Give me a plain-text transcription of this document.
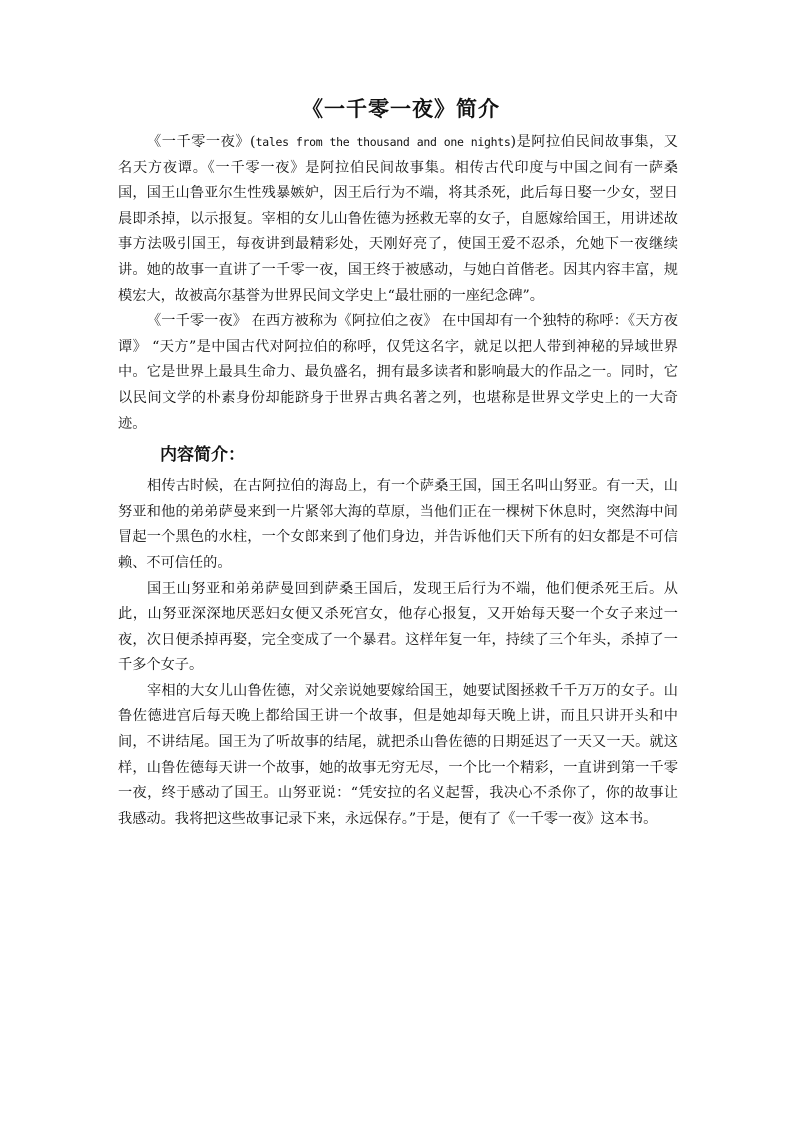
《一千零一夜》简介

《一千零一夜》(tales from the thousand and one nights)是阿拉伯民间故事集，又名天方夜谭。《一千零一夜》是阿拉伯民间故事集。相传古代印度与中国之间有一萨桑国，国王山鲁亚尔生性残暴嫉妒，因王后行为不端，将其杀死，此后每日娶一少女，翌日晨即杀掉，以示报复。宰相的女儿山鲁佐德为拯救无辜的女子，自愿嫁给国王，用讲述故事方法吸引国王，每夜讲到最精彩处，天刚好亮了，使国王爱不忍杀，允她下一夜继续讲。她的故事一直讲了一千零一夜，国王终于被感动，与她白首偕老。因其内容丰富，规模宏大，故被高尔基誉为世界民间文学史上“最壮丽的一座纪念碑”。

《一千零一夜》 在西方被称为《阿拉伯之夜》 在中国却有一个独特的称呼：《天方夜谭》 “天方”是中国古代对阿拉伯的称呼，仅凭这名字，就足以把人带到神秘的异域世界中。它是世界上最具生命力、最负盛名，拥有最多读者和影响最大的作品之一。同时，它以民间文学的朴素身份却能跻身于世界古典名著之列，也堪称是世界文学史上的一大奇迹。

内容简介：

相传古时候，在古阿拉伯的海岛上，有一个萨桑王国，国王名叫山努亚。有一天，山努亚和他的弟弟萨曼来到一片紧邻大海的草原，当他们正在一棵树下休息时，突然海中间冒起一个黑色的水柱，一个女郎来到了他们身边，并告诉他们天下所有的妇女都是不可信赖、不可信任的。

国王山努亚和弟弟萨曼回到萨桑王国后，发现王后行为不端，他们便杀死王后。从此，山努亚深深地厌恶妇女便又杀死宫女，他存心报复，又开始每天娶一个女子来过一夜，次日便杀掉再娶，完全变成了一个暴君。这样年复一年，持续了三个年头，杀掉了一千多个女子。

宰相的大女儿山鲁佐德，对父亲说她要嫁给国王，她要试图拯救千千万万的女子。山鲁佐德进宫后每天晚上都给国王讲一个故事，但是她却每天晚上讲，而且只讲开头和中间，不讲结尾。国王为了听故事的结尾，就把杀山鲁佐德的日期延迟了一天又一天。就这样，山鲁佐德每天讲一个故事，她的故事无穷无尽，一个比一个精彩，一直讲到第一千零一夜，终于感动了国王。山努亚说：“凭安拉的名义起誓，我决心不杀你了，你的故事让我感动。我将把这些故事记录下来，永远保存。”于是，便有了《一千零一夜》这本书。
